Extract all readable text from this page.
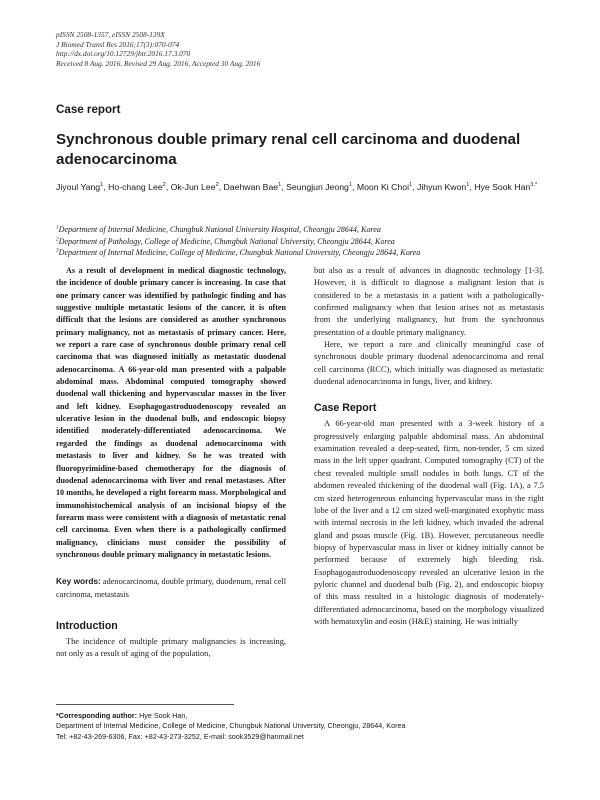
pISSN 2508-1357, eISSN 2508-139X
J Biomed Transl Res 2016;17(3):070-074
http://dx.doi.org/10.12729/jbtr.2016.17.3.070
Received 8 Aug. 2016, Revised 29 Aug. 2016, Accepted 30 Aug. 2016
Case report
Synchronous double primary renal cell carcinoma and duodenal adenocarcinoma
Jiyoul Yang$^1$, Ho-chang Lee$^2$, Ok-Jun Lee$^2$, Daehwan Bae$^1$, Seungjun Jeong$^1$, Moon Ki Choi$^1$, Jihyun Kwon$^1$, Hye Sook Han$^{3,*}$
$^1$Department of Internal Medicine, Chungbuk National University Hospital, Cheongju 28644, Korea
$^2$Department of Pathology, College of Medicine, Chungbuk National University, Cheongju 28644, Korea
$^3$Department of Internal Medicine, College of Medicine, Chungbuk National University, Cheongju 28644, Korea

As a result of development in medical diagnostic technology, the incidence of double primary cancer is increasing. In case that one primary cancer was identified by pathologic finding and has suggestive multiple metastatic lesions of the cancer, it is often difficult that the lesions are considered as another synchronous primary malignancy, not as metastasis of primary cancer. Here, we report a rare case of synchronous double primary renal cell carcinoma that was diagnosed initially as metastatic duodenal adenocarcinoma. A 66-year-old man presented with a palpable abdominal mass. Abdominal computed tomography showed duodenal wall thickening and hypervascular masses in the liver and left kidney. Esophagogastroduodenoscopy revealed an ulcerative lesion in the duodenal bulb, and endoscopic biopsy identified moderately-differentiated adenocarcinoma. We regarded the findings as duodenal adenocarcinoma with metastasis to liver and kidney. So he was treated with fluoropyrimidine-based chemotherapy for the diagnosis of duodenal adenocarcinoma with liver and renal metastases. After 10 months, he developed a right forearm mass. Morphological and immunohistochemical analysis of an incisional biopsy of the forearm mass were consistent with a diagnosis of metastatic renal cell carcinoma. Even when there is a pathologically confirmed malignancy, clinicians must consider the possibility of synchronous double primary malignancy in metastatic lesions.

Key words: adenocarcinoma, double primary, duodenum, renal cell carcinoma, metastasis

Introduction

The incidence of multiple primary malignancies is increasing, not only as a result of aging of the population,

but also as a result of advances in diagnostic technology [1-3]. However, it is difficult to diagnose a malignant lesion that is considered to be a metastasis in a patient with a pathologically-confirmed malignancy when that lesion arises not as metastasis from the underlying malignancy, but from the synchronous presentation of a double primary malignancy.

Here, we report a rare and clinically meaningful case of synchronous double primary duodenal adenocarcinoma and renal cell carcinoma (RCC), which initially was diagnosed as metastatic duodenal adenocarcinoma in lungs, liver, and kidney.

Case Report

A 66-year-old man presented with a 3-week history of a progressively enlarging palpable abdominal mass. An abdominal examination revealed a deep-seated, firm, non-tender, 5 cm sized mass in the left upper quadrant. Computed tomography (CT) of the chest revealed multiple small nodules in both lungs. CT of the abdomen revealed thickening of the duodenal wall (Fig. 1A), a 7.5 cm sized heterogeneous enhancing hypervascular mass in the right lobe of the liver and a 12 cm sized well-marginated exophytic mass with internal necrosis in the left kidney, which invaded the adrenal gland and psoas muscle (Fig. 1B). However, percutaneous needle biopsy of hypervascular mass in liver or kidney initially cannot be performed because of extremely high bleeding risk. Esophagogastroduodenoscopy revealed an ulcerative lesion in the pyloric channel and duodenal bulb (Fig. 2), and endoscopic biopsy of this mass resulted in a histologic diagnosis of moderately-differentiated adenocarcinoma, based on the morphology visualized with hematoxylin and eosin (H&E) staining. He was initially

*Corresponding author: Hye Sook Han,
Department of Internal Medicine, College of Medicine, Chungbuk National University, Cheongju, 28644, Korea
Tel: +82-43-269-6306, Fax: +82-43-273-3252, E-mail: sook3529@hanmail.net
